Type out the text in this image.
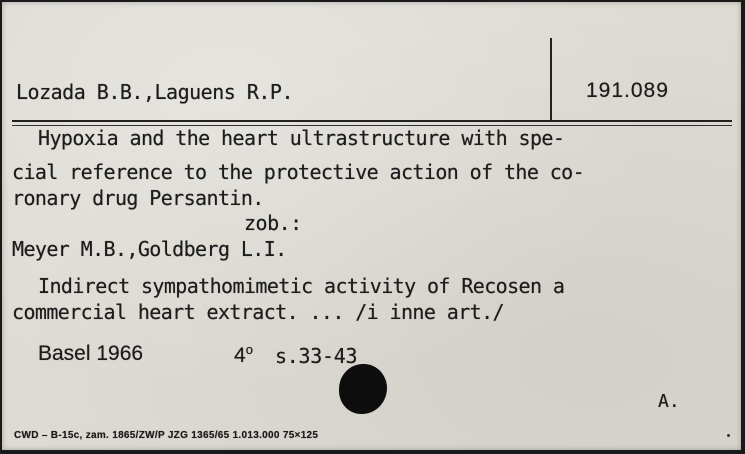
Lozada B.B.,Laguens R.P.	191.089
Hypoxia and the heart ultrastructure with spe-
cial reference to the protective action of the co-
ronary drug Persantin.
zob.:
Meyer M.B.,Goldberg L.I.
Indirect sympathomimetic activity of Recosen a
commercial heart extract. ... /i inne art./
Basel 1966	4$^o$ s.33-43
A.
CWD – B-15c, zam. 1865/ZW/P JZG 1365/65 1.013.000 75×125
